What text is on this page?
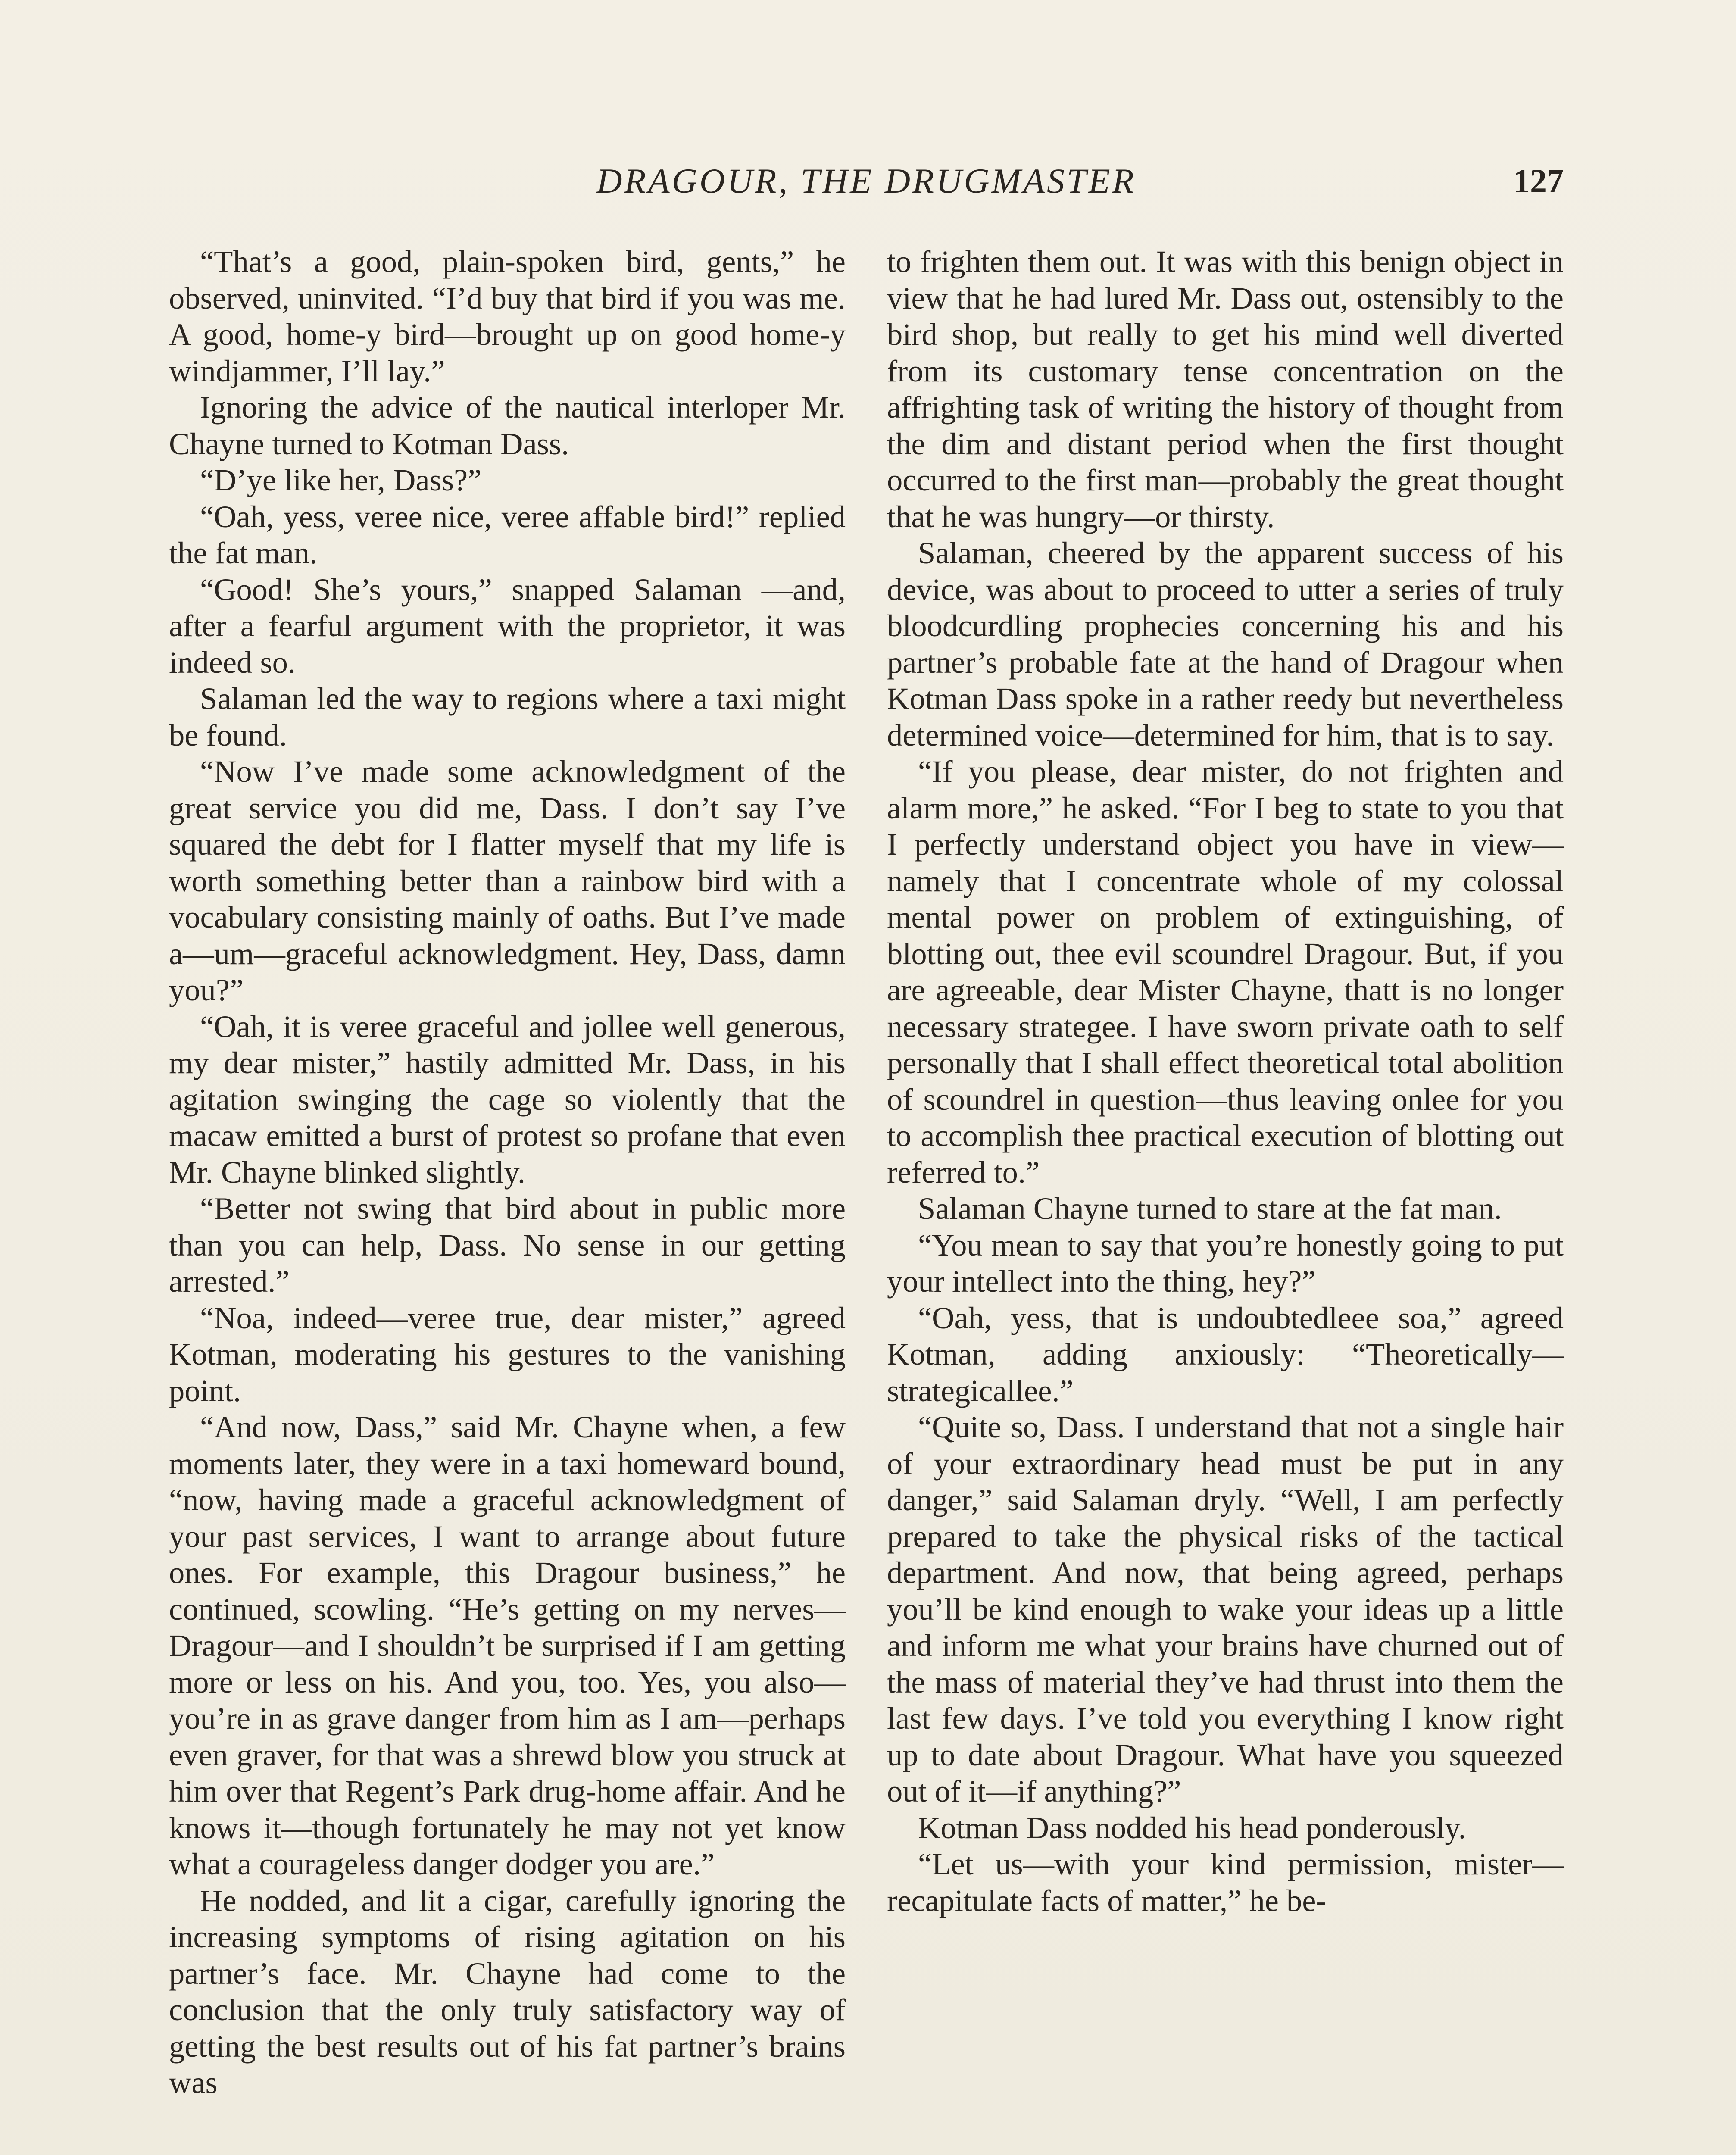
DRAGOUR, THE DRUGMASTER	127

“That’s a good, plain-spoken bird, gents,” he observed, uninvited. “I’d buy that bird if you was me. A good, home-y bird—brought up on good home-y windjammer, I’ll lay.”

Ignoring the advice of the nautical interloper Mr. Chayne turned to Kotman Dass.

“D’ye like her, Dass?”

“Oah, yess, veree nice, veree affable bird!” replied the fat man.

“Good! She’s yours,” snapped Salaman —and, after a fearful argument with the proprietor, it was indeed so.

Salaman led the way to regions where a taxi might be found.

“Now I’ve made some acknowledgment of the great service you did me, Dass. I don’t say I’ve squared the debt for I flatter myself that my life is worth something better than a rainbow bird with a vocabulary consisting mainly of oaths. But I’ve made a—um—graceful acknowledgment. Hey, Dass, damn you?”

“Oah, it is veree graceful and jollee well generous, my dear mister,” hastily admitted Mr. Dass, in his agitation swinging the cage so violently that the macaw emitted a burst of protest so profane that even Mr. Chayne blinked slightly.

“Better not swing that bird about in public more than you can help, Dass. No sense in our getting arrested.”

“Noa, indeed—veree true, dear mister,” agreed Kotman, moderating his gestures to the vanishing point.

“And now, Dass,” said Mr. Chayne when, a few moments later, they were in a taxi homeward bound, “now, having made a graceful acknowledgment of your past services, I want to arrange about future ones. For example, this Dragour business,” he continued, scowling. “He’s getting on my nerves—Dragour—and I shouldn’t be surprised if I am getting more or less on his. And you, too. Yes, you also—you’re in as grave danger from him as I am—perhaps even graver, for that was a shrewd blow you struck at him over that Regent’s Park drug-home affair. And he knows it—though fortunately he may not yet know what a courageless danger dodger you are.”

He nodded, and lit a cigar, carefully ignoring the increasing symptoms of rising agitation on his partner’s face. Mr. Chayne had come to the conclusion that the only truly satisfactory way of getting the best results out of his fat partner’s brains was

to frighten them out. It was with this benign object in view that he had lured Mr. Dass out, ostensibly to the bird shop, but really to get his mind well diverted from its customary tense concentration on the affrighting task of writing the history of thought from the dim and distant period when the first thought occurred to the first man—probably the great thought that he was hungry—or thirsty.

Salaman, cheered by the apparent success of his device, was about to proceed to utter a series of truly bloodcurdling prophecies concerning his and his partner’s probable fate at the hand of Dragour when Kotman Dass spoke in a rather reedy but nevertheless determined voice—determined for him, that is to say.

“If you please, dear mister, do not frighten and alarm more,” he asked. “For I beg to state to you that I perfectly understand object you have in view—namely that I concentrate whole of my colossal mental power on problem of extinguishing, of blotting out, thee evil scoundrel Dragour. But, if you are agreeable, dear Mister Chayne, thatt is no longer necessary strategee. I have sworn private oath to self personally that I shall effect theoretical total abolition of scoundrel in question—thus leaving onlee for you to accomplish thee practical execution of blotting out referred to.”

Salaman Chayne turned to stare at the fat man.

“You mean to say that you’re honestly going to put your intellect into the thing, hey?”

“Oah, yess, that is undoubtedleee soa,” agreed Kotman, adding anxiously: “Theoretically—strategicallee.”

“Quite so, Dass. I understand that not a single hair of your extraordinary head must be put in any danger,” said Salaman dryly. “Well, I am perfectly prepared to take the physical risks of the tactical department. And now, that being agreed, perhaps you’ll be kind enough to wake your ideas up a little and inform me what your brains have churned out of the mass of material they’ve had thrust into them the last few days. I’ve told you everything I know right up to date about Dragour. What have you squeezed out of it—if anything?”

Kotman Dass nodded his head ponderously.

“Let us—with your kind permission, mister—recapitulate facts of matter,” he be-
